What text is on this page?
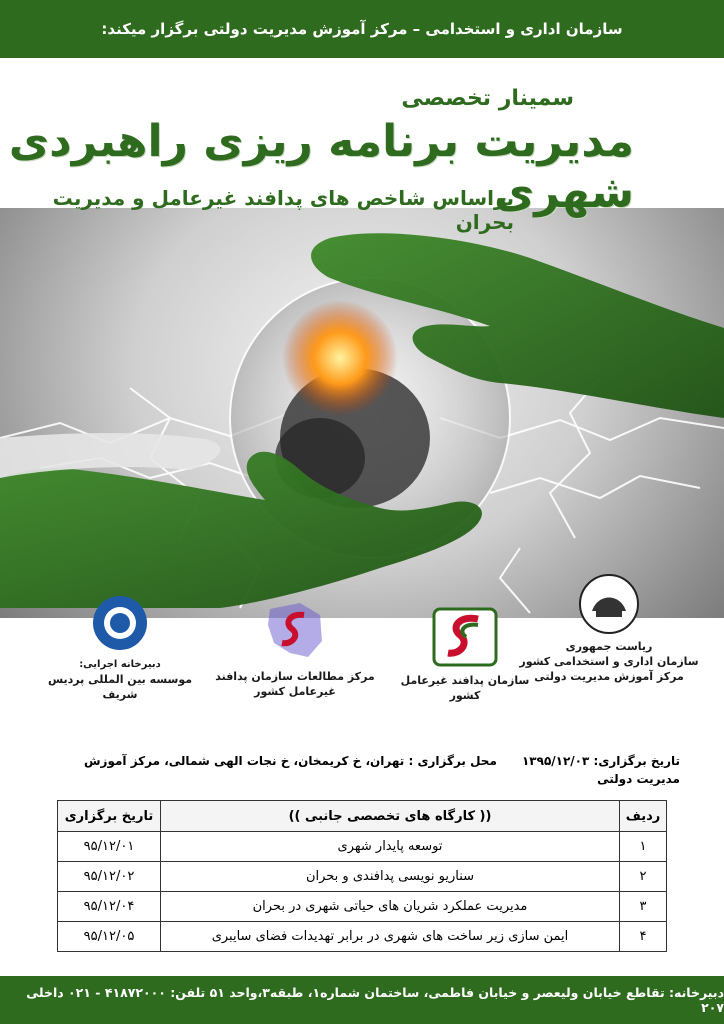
سازمان اداری و استخدامی – مرکز آموزش مدیریت دولتی برگزار میکند:
سمینار تخصصی
مدیریت برنامه ریزی راهبردی شهری
براساس شاخص های پدافند غیرعامل و مدیریت بحران
ریاست جمهوری
سازمان اداری و استخدامی کشور
مرکز آموزش مدیریت دولتی
سازمان پدافند غیرعامل کشور
مرکز مطالعات سازمان پدافند غیرعامل کشور
دبیرخانه اجرایی:
موسسه بین المللی پردیس شریف
تاریخ برگزاری: ۱۳۹۵/۱۲/۰۳      محل برگزاری : تهران، خ کریمخان، خ نجات الهی شمالی، مرکز آموزش مدیریت دولتی
ردیف	(( کارگاه های تخصصی جانبی ))	تاریخ برگزاری
۱	توسعه پایدار شهری	۹۵/۱۲/۰۱
۲	سناریو نویسی پدافندی و بحران	۹۵/۱۲/۰۲
۳	مدیریت عملکرد شریان های حیاتی شهری در بحران	۹۵/۱۲/۰۴
۴	ایمن سازی زیر ساخت های شهری در برابر تهدیدات فضای سایبری	۹۵/۱۲/۰۵
دبیرخانه: تقاطع خیابان ولیعصر و خیابان فاطمی، ساختمان شماره۱، طبقه۳،واحد ۵۱ تلفن: ۴۱۸۷۲۰۰۰ - ۰۲۱ داخلی ۲۰۷
